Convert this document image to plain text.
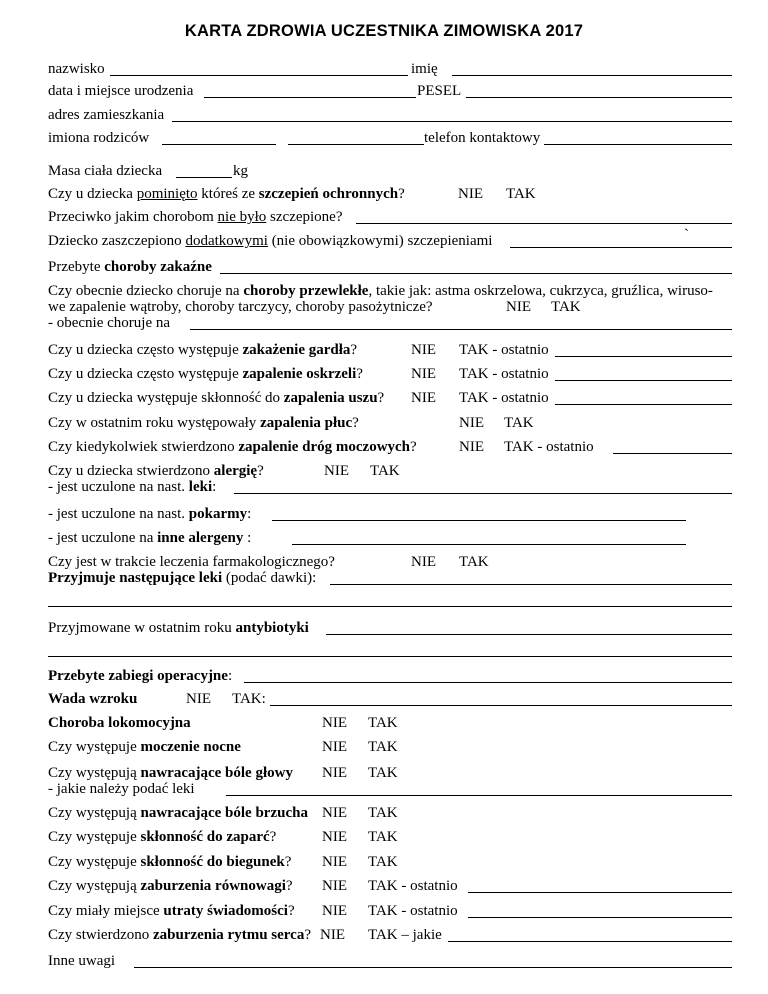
KARTA ZDROWIA UCZESTNIKA ZIMOWISKA 2017
nazwisko	imię
data i miejsce urodzenia	PESEL
adres zamieszkania
imiona rodziców	telefon kontaktowy
Masa ciała dziecka	kg
Czy u dziecka pominięto któreś ze szczepień ochronnych?	NIE TAK
Przeciwko jakim chorobom nie było szczepione?
Dziecko zaszczepiono dodatkowymi (nie obowiązkowymi) szczepieniami	`
Przebyte choroby zakaźne
Czy obecnie dziecko choruje na choroby przewlekłe, takie jak: astma oskrzelowa, cukrzyca, gruźlica, wiruso-
we zapalenie wątroby, choroby tarczycy, choroby pasożytnicze?	NIE TAK
- obecnie choruje na
Czy u dziecka często występuje zakażenie gardła?	NIE TAK - ostatnio
Czy u dziecka często występuje zapalenie oskrzeli?	NIE TAK - ostatnio
Czy u dziecka występuje skłonność do zapalenia uszu? NIE TAK - ostatnio
Czy w ostatnim roku występowały zapalenia płuc?	NIE TAK
Czy kiedykolwiek stwierdzono zapalenie dróg moczowych?	NIE TAK - ostatnio
Czy u dziecka stwierdzono alergię?	NIE TAK
- jest uczulone na nast. leki:
- jest uczulone na nast. pokarmy:
- jest uczulone na inne alergeny :
Czy jest w trakcie leczenia farmakologicznego?	NIE TAK
Przyjmuje następujące leki (podać dawki):
Przyjmowane w ostatnim roku antybiotyki
Przebyte zabiegi operacyjne:
Wada wzroku	NIE TAK:
Choroba lokomocyjna	NIE TAK
Czy występuje moczenie nocne	NIE TAK
Czy występują nawracające bóle głowy NIE TAK
- jakie należy podać leki
Czy występują nawracające bóle brzucha NIE TAK
Czy występuje skłonność do zaparć?	NIE TAK
Czy występuje skłonność do biegunek? NIE TAK
Czy występują zaburzenia równowagi? NIE TAK - ostatnio
Czy miały miejsce utraty świadomości? NIE TAK - ostatnio
Czy stwierdzono zaburzenia rytmu serca? NIE TAK – jakie
Inne uwagi
